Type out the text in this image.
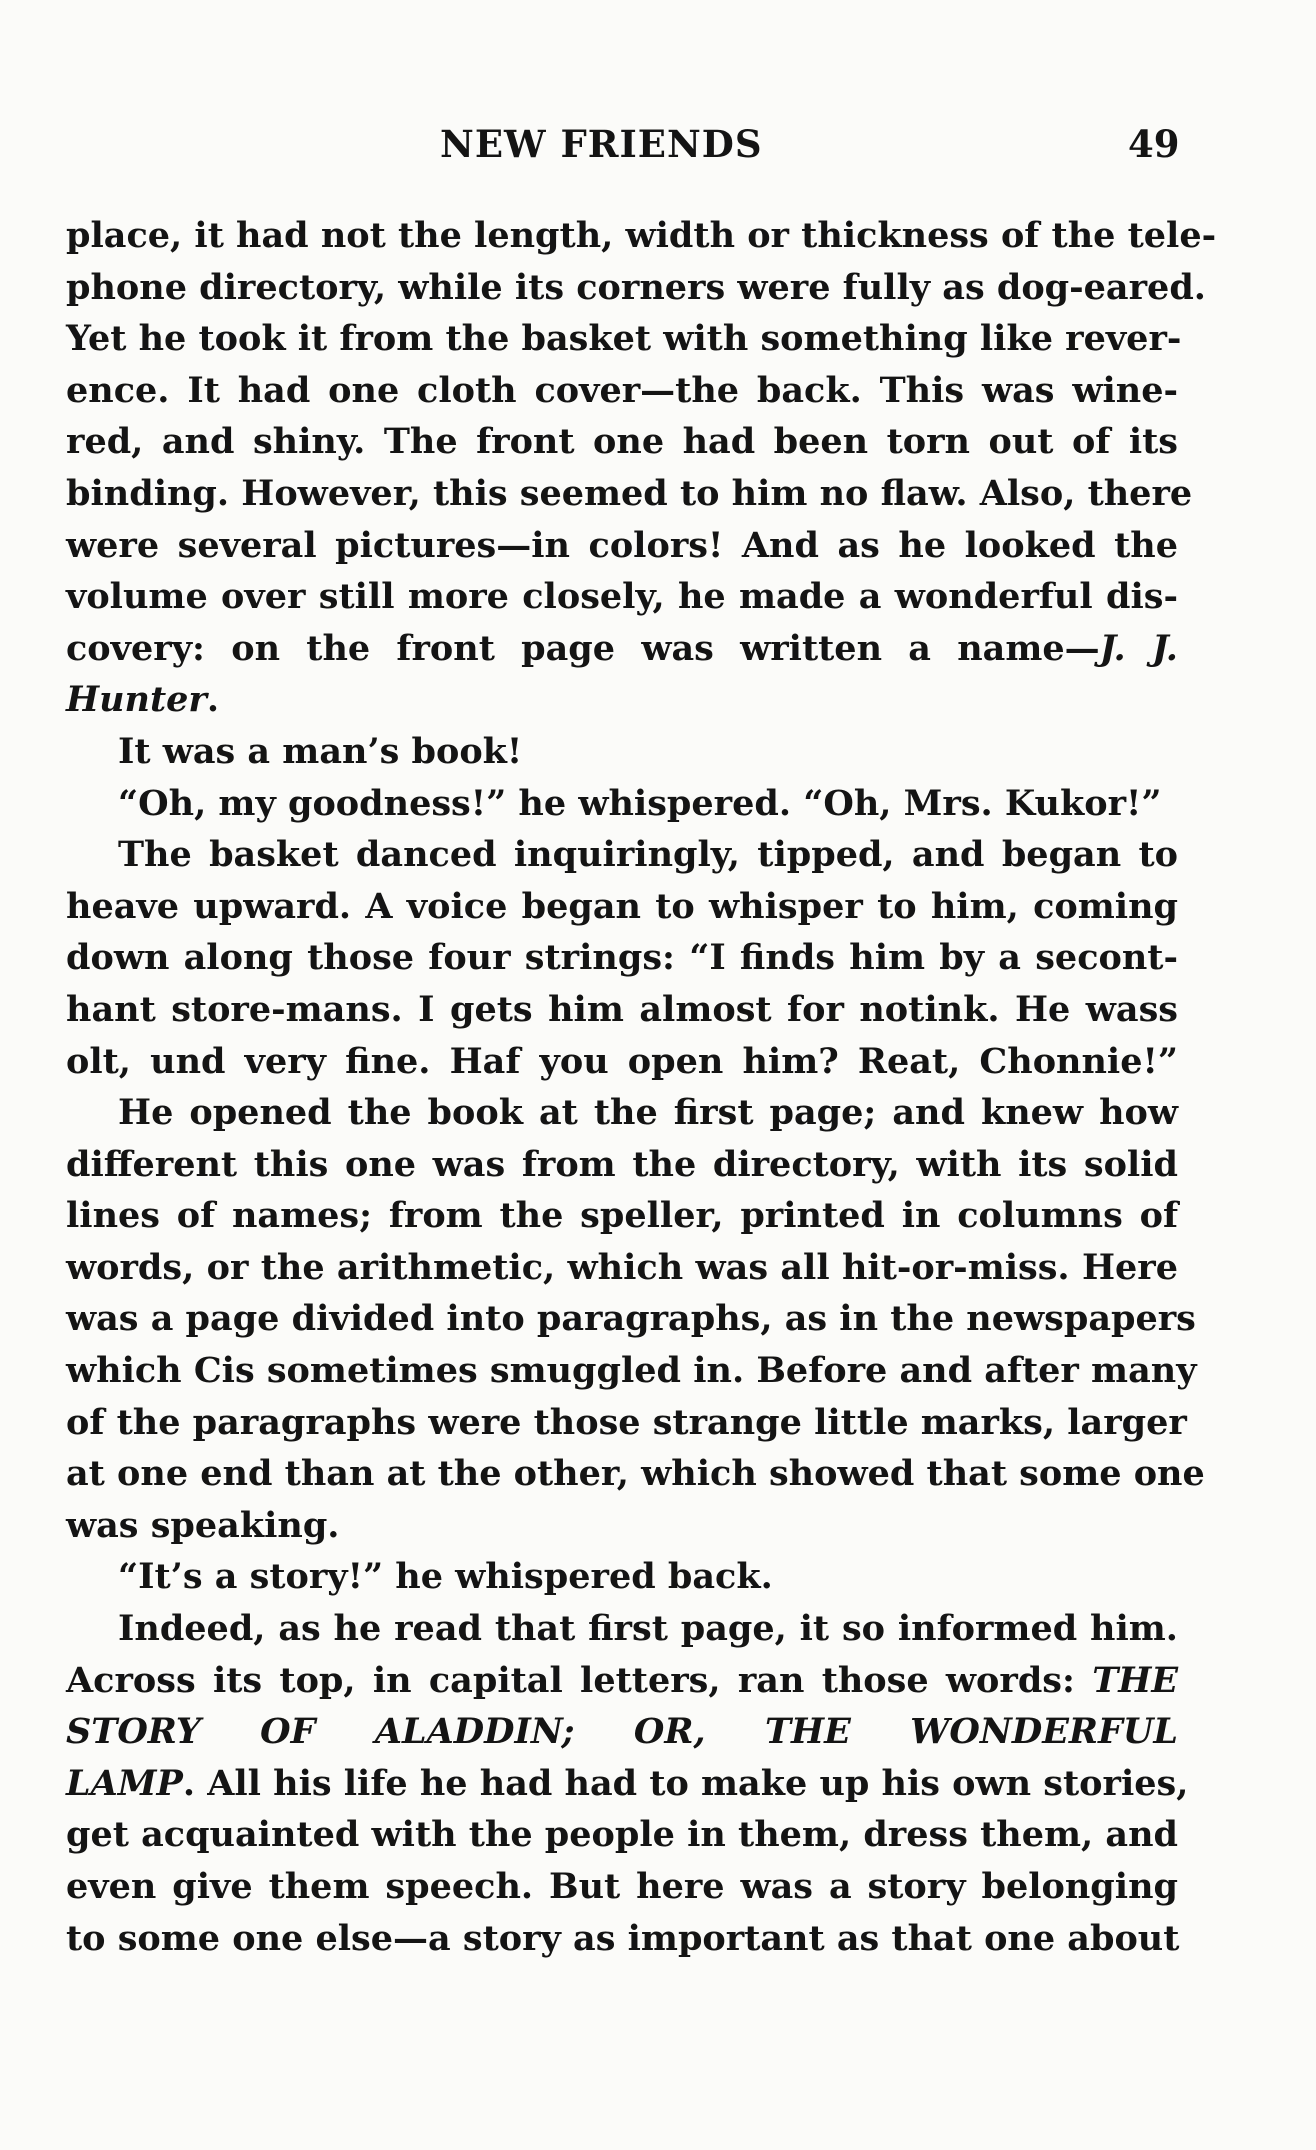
NEW FRIENDS	49
place, it had not the length, width or thickness of the tele-
phone directory, while its corners were fully as dog-eared.
Yet he took it from the basket with something like rever-
ence. It had one cloth cover—the back. This was wine-
red, and shiny. The front one had been torn out of its
binding. However, this seemed to him no flaw. Also, there
were several pictures—in colors! And as he looked the
volume over still more closely, he made a wonderful dis-
covery: on the front page was written a name—J. J.
Hunter.
It was a man’s book!
“Oh, my goodness!” he whispered. “Oh, Mrs. Kukor!”
The basket danced inquiringly, tipped, and began to
heave upward. A voice began to whisper to him, coming
down along those four strings: “I finds him by a secont-
hant store-mans. I gets him almost for notink. He wass
olt, und very fine. Haf you open him? Reat, Chonnie!”
He opened the book at the first page; and knew how
different this one was from the directory, with its solid
lines of names; from the speller, printed in columns of
words, or the arithmetic, which was all hit-or-miss. Here
was a page divided into paragraphs, as in the newspapers
which Cis sometimes smuggled in. Before and after many
of the paragraphs were those strange little marks, larger
at one end than at the other, which showed that some one
was speaking.
“It’s a story!” he whispered back.
Indeed, as he read that first page, it so informed him.
Across its top, in capital letters, ran those words: THE
STORY OF ALADDIN; OR, THE WONDERFUL
LAMP. All his life he had had to make up his own stories,
get acquainted with the people in them, dress them, and
even give them speech. But here was a story belonging
to some one else—a story as important as that one about
